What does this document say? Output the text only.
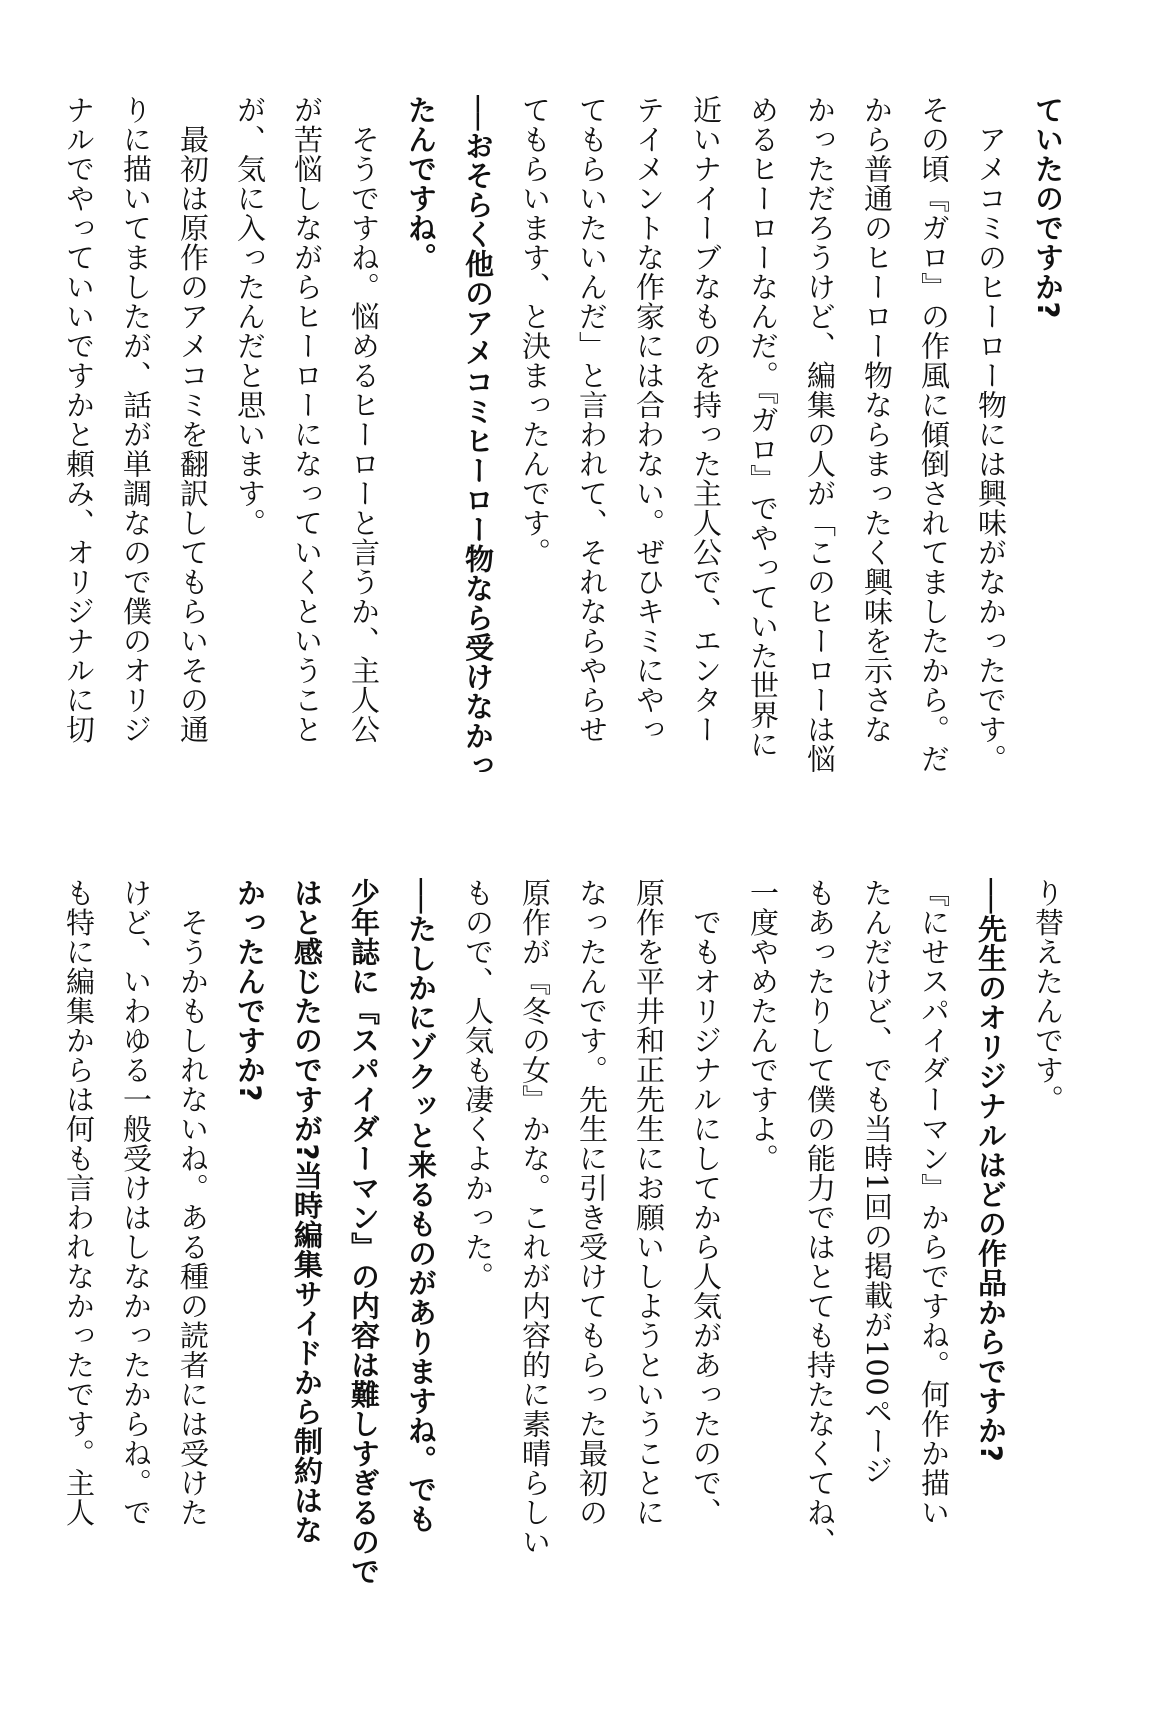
ていたのですか?
　アメコミのヒーロー物には興味がなかったです。
その頃『ガロ』の作風に傾倒されてましたから。だ
から普通のヒーロー物ならまったく興味を示さな
かっただろうけど、編集の人が「このヒーローは悩
めるヒーローなんだ。『ガロ』でやっていた世界に
近いナイーブなものを持った主人公で、エンター
テイメントな作家には合わない。ぜひキミにやっ
てもらいたいんだ」と言われて、それならやらせ
てもらいます、と決まったんです。
──おそらく他のアメコミヒーロー物なら受けなかっ
たんですね。
　そうですね。悩めるヒーローと言うか、主人公
が苦悩しながらヒーローになっていくということ
が、気に入ったんだと思います。
　最初は原作のアメコミを翻訳してもらいその通
りに描いてましたが、話が単調なので僕のオリジ
ナルでやっていいですかと頼み、オリジナルに切
り替えたんです。
──先生のオリジナルはどの作品からですか?
『にせスパイダーマン』からですね。何作か描い
たんだけど、でも当時1回の掲載が100ページ
もあったりして僕の能力ではとても持たなくてね、
一度やめたんですよ。
　でもオリジナルにしてから人気があったので、
原作を平井和正先生にお願いしようということに
なったんです。先生に引き受けてもらった最初の
原作が『冬の女』かな。これが内容的に素晴らしい
もので、人気も凄くよかった。
──たしかにゾクッと来るものがありますね。でも
少年誌に『スパイダーマン』の内容は難しすぎるので
はと感じたのですが?当時編集サイドから制約はな
かったんですか?
　そうかもしれないね。ある種の読者には受けた
けど、いわゆる一般受けはしなかったからね。で
も特に編集からは何も言われなかったです。主人
